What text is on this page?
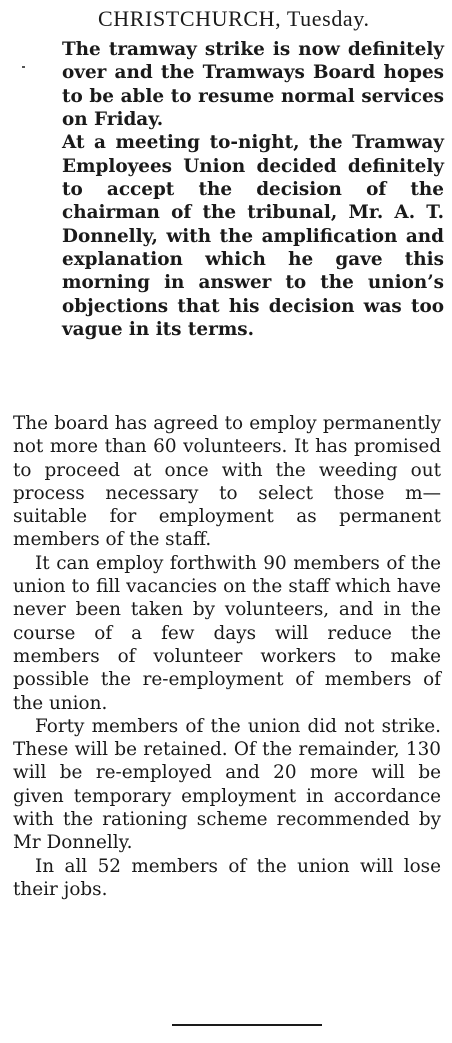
CHRISTCHURCH, Tuesday.

The tramway strike is now definitely over and the Tramways Board hopes to be able to resume normal services on Friday.

At a meeting to-night, the Tramway Employees Union decided definitely to accept the decision of the chairman of the tribunal, Mr. A. T. Donnelly, with the amplification and explanation which he gave this morning in answer to the union’s objections that his decision was too vague in its terms.

The board has agreed to employ permanently not more than 60 volunteers. It has promised to proceed at once with the weeding out process necessary to select those m— suitable for employment as permanent members of the staff.

It can employ forthwith 90 members of the union to fill vacancies on the staff which have never been taken by volunteers, and in the course of a few days will reduce the members of volunteer workers to make possible the re-employment of members of the union.

Forty members of the union did not strike. These will be retained. Of the remainder, 130 will be re-employed and 20 more will be given temporary employment in accordance with the rationing scheme recommended by Mr Donnelly.

In all 52 members of the union will lose their jobs.
